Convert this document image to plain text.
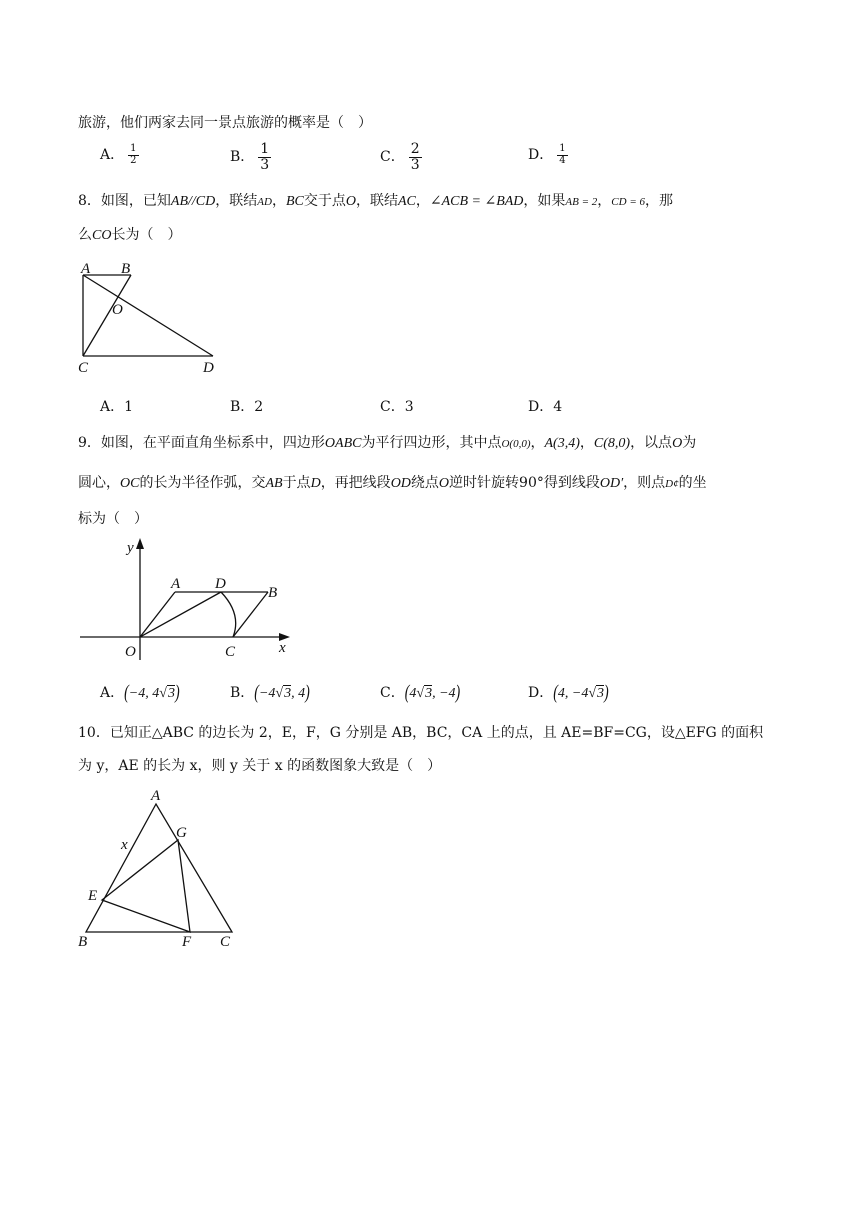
旅游，他们两家去同一景点旅游的概率是（　）
A． $\frac{1}{2}$	B． $\frac{1}{3}$	C． $\frac{2}{3}$	D． $\frac{1}{4}$
8．如图，已知AB//CD，联结AD，BC交于点O，联结AC，∠ACB = ∠BAD，如果AB = 2，CD = 6，那
么CO长为（　）
A B
O
C	D
A．1	B．2	C．3	D．4
9．如图，在平面直角坐标系中，四边形OABC为平行四边形，其中点O(0,0)，A(3,4)，C(8,0)，以点O为
圆心，OC的长为半径作弧，交AB于点D，再把线段OD绕点O逆时针旋转90°得到线段OD′，则点D¢的坐
标为（　）
y
A D
B
O	C	x
A．(−4, 4√3)	B．(−4√3, 4)	C．(4√3, −4)	D．(4, −4√3)
10．已知正△ABC 的边长为 2，E，F，G 分别是 AB，BC，CA 上的点，且 AE=BF=CG，设△EFG 的面积
为 y，AE 的长为 x，则 y 关于 x 的函数图象大致是（　）
A
x
G
E
B	F C
